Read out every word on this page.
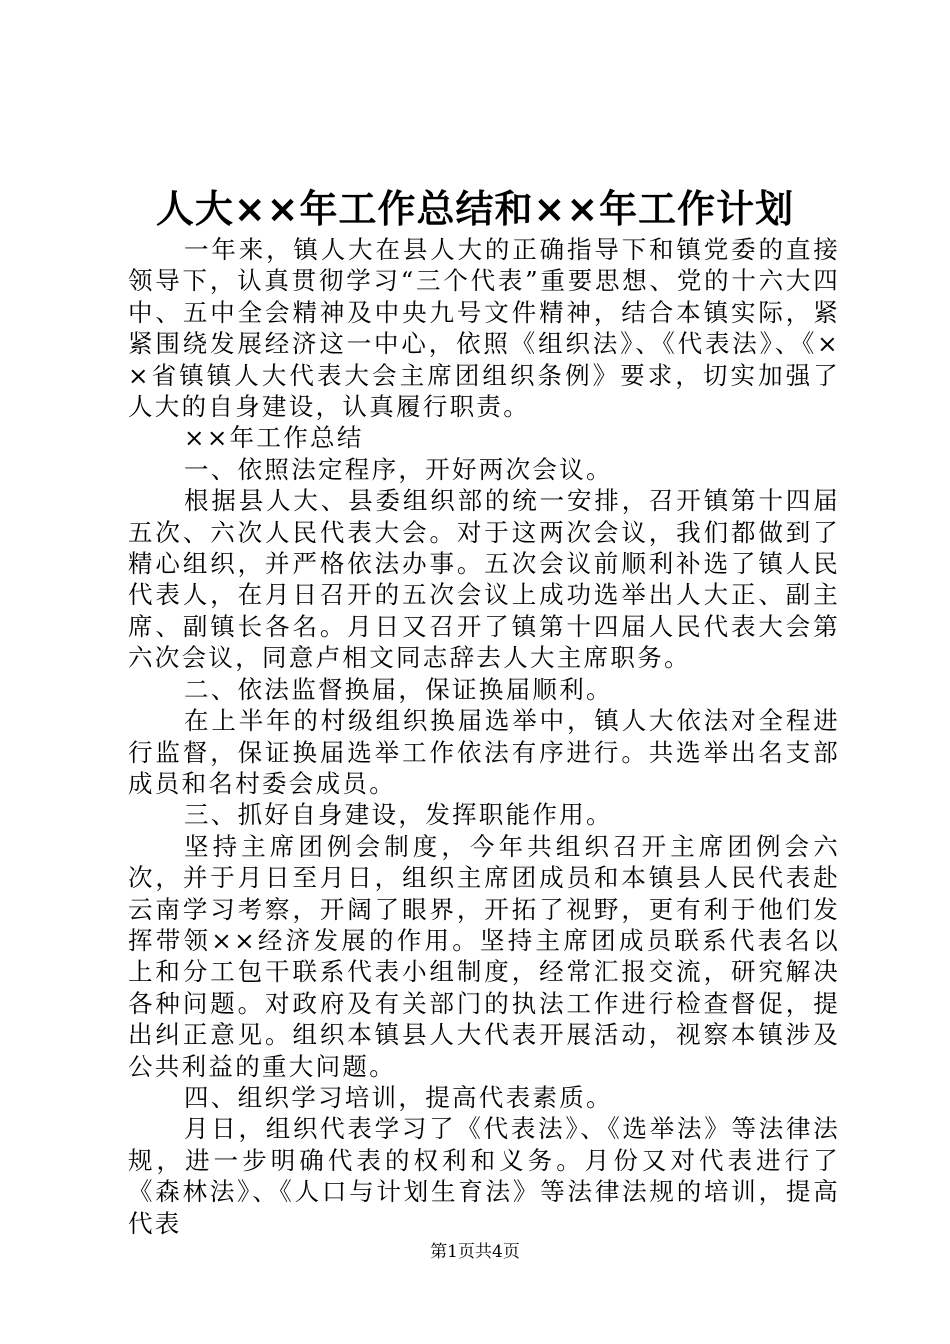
人大××年工作总结和××年工作计划

一年来，镇人大在县人大的正确指导下和镇党委的直接领导下，认真贯彻学习“三个代表”重要思想、党的十六大四中、五中全会精神及中央九号文件精神，结合本镇实际，紧紧围绕发展经济这一中心，依照《组织法》、《代表法》、《××省镇镇人大代表大会主席团组织条例》要求，切实加强了人大的自身建设，认真履行职责。

××年工作总结

一、依照法定程序，开好两次会议。

根据县人大、县委组织部的统一安排，召开镇第十四届五次、六次人民代表大会。对于这两次会议，我们都做到了精心组织，并严格依法办事。五次会议前顺利补选了镇人民代表人，在月日召开的五次会议上成功选举出人大正、副主席、副镇长各名。月日又召开了镇第十四届人民代表大会第六次会议，同意卢相文同志辞去人大主席职务。

二、依法监督换届，保证换届顺利。

在上半年的村级组织换届选举中，镇人大依法对全程进行监督，保证换届选举工作依法有序进行。共选举出名支部成员和名村委会成员。

三、抓好自身建设，发挥职能作用。

坚持主席团例会制度，今年共组织召开主席团例会六次，并于月日至月日，组织主席团成员和本镇县人民代表赴云南学习考察，开阔了眼界，开拓了视野，更有利于他们发挥带领××经济发展的作用。坚持主席团成员联系代表名以上和分工包干联系代表小组制度，经常汇报交流，研究解决各种问题。对政府及有关部门的执法工作进行检查督促，提出纠正意见。组织本镇县人大代表开展活动，视察本镇涉及公共利益的重大问题。

四、组织学习培训，提高代表素质。

月日，组织代表学习了《代表法》、《选举法》等法律法规，进一步明确代表的权利和义务。月份又对代表进行了《森林法》、《人口与计划生育法》等法律法规的培训，提高代表

第1页共4页
